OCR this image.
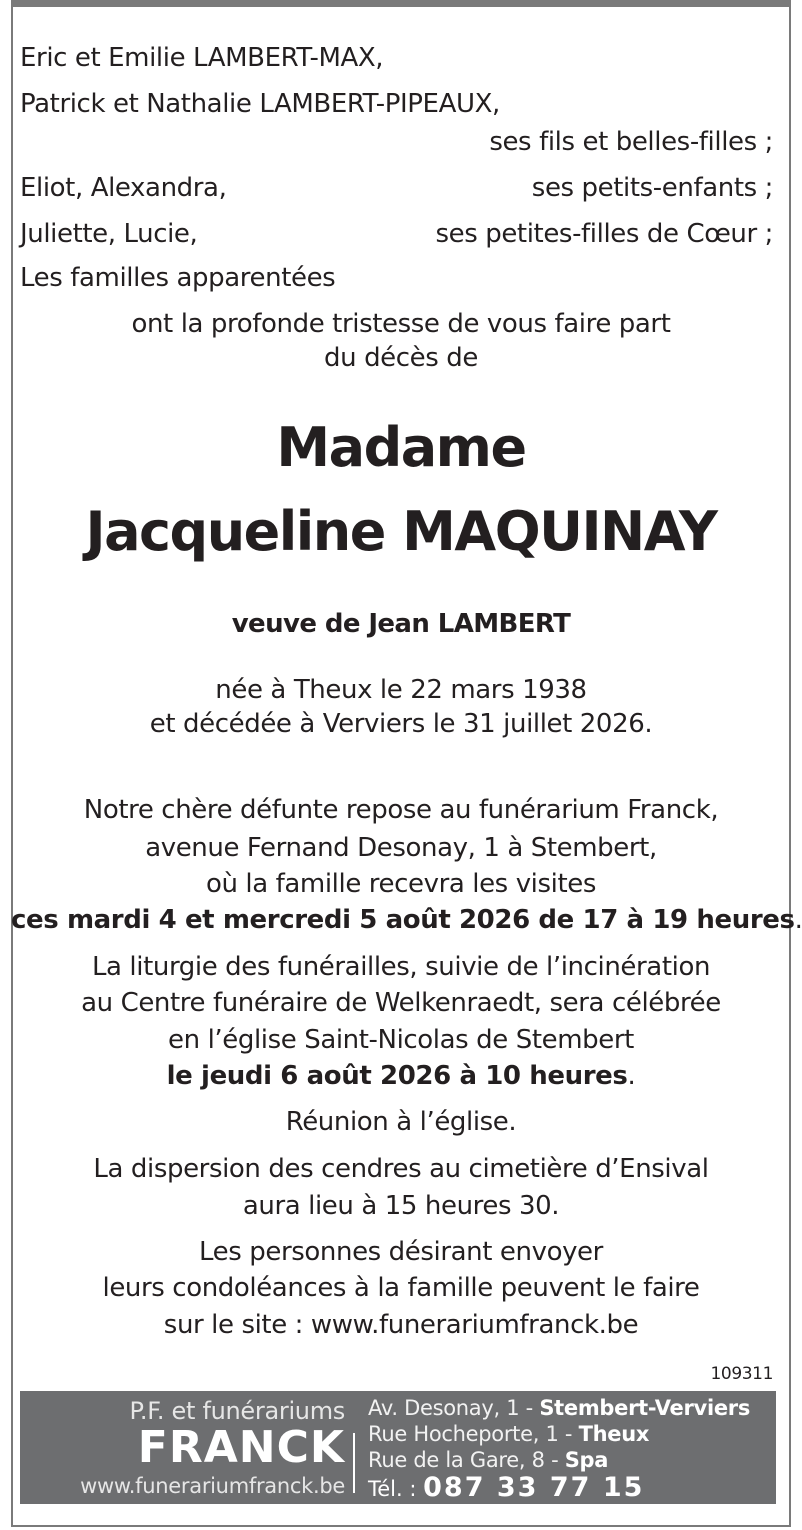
Eric et Emilie LAMBERT-MAX,
Patrick et Nathalie LAMBERT-PIPEAUX,
ses fils et belles-filles ;
Eliot, Alexandra,	ses petits-enfants ;
Juliette, Lucie,	ses petites-filles de Cœur ;
Les familles apparentées
ont la profonde tristesse de vous faire part
du décès de
Madame
Jacqueline MAQUINAY
veuve de Jean LAMBERT
née à Theux le 22 mars 1938
et décédée à Verviers le 31 juillet 2026.
Notre chère défunte repose au funérarium Franck,
avenue Fernand Desonay, 1 à Stembert,
où la famille recevra les visites
ces mardi 4 et mercredi 5 août 2026 de 17 à 19 heures.
La liturgie des funérailles, suivie de l’incinération
au Centre funéraire de Welkenraedt, sera célébrée
en l’église Saint-Nicolas de Stembert
le jeudi 6 août 2026 à 10 heures.
Réunion à l’église.
La dispersion des cendres au cimetière d’Ensival
aura lieu à 15 heures 30.
Les personnes désirant envoyer
leurs condoléances à la famille peuvent le faire
sur le site : www.funerariumfranck.be
109311
P.F. et funérariums
FRANCK
www.funerariumfranck.be
Av. Desonay, 1 - Stembert-Verviers
Rue Hocheporte, 1 - Theux
Rue de la Gare, 8 - Spa
Tél. : 087 33 77 15
